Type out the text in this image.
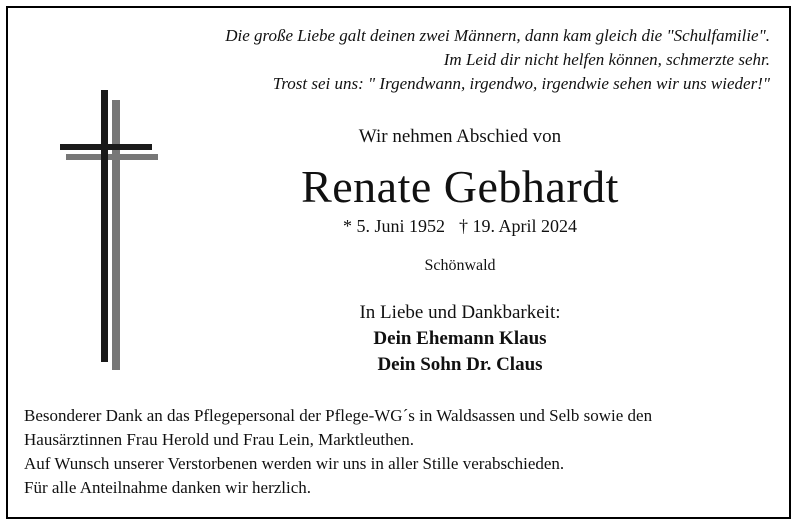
Die große Liebe galt deinen zwei Männern, dann kam gleich die "Schulfamilie".
Im Leid dir nicht helfen können, schmerzte sehr.
Trost sei uns: " Irgendwann, irgendwo, irgendwie sehen wir uns wieder!"
Wir nehmen Abschied von
Renate Gebhardt
* 5. Juni 1952 † 19. April 2024
Schönwald
In Liebe und Dankbarkeit:
Dein Ehemann Klaus
Dein Sohn Dr. Claus
Besonderer Dank an das Pflegepersonal der Pflege-WG´s in Waldsassen und Selb sowie den
Hausärztinnen Frau Herold und Frau Lein, Marktleuthen.
Auf Wunsch unserer Verstorbenen werden wir uns in aller Stille verabschieden.
Für alle Anteilnahme danken wir herzlich.
